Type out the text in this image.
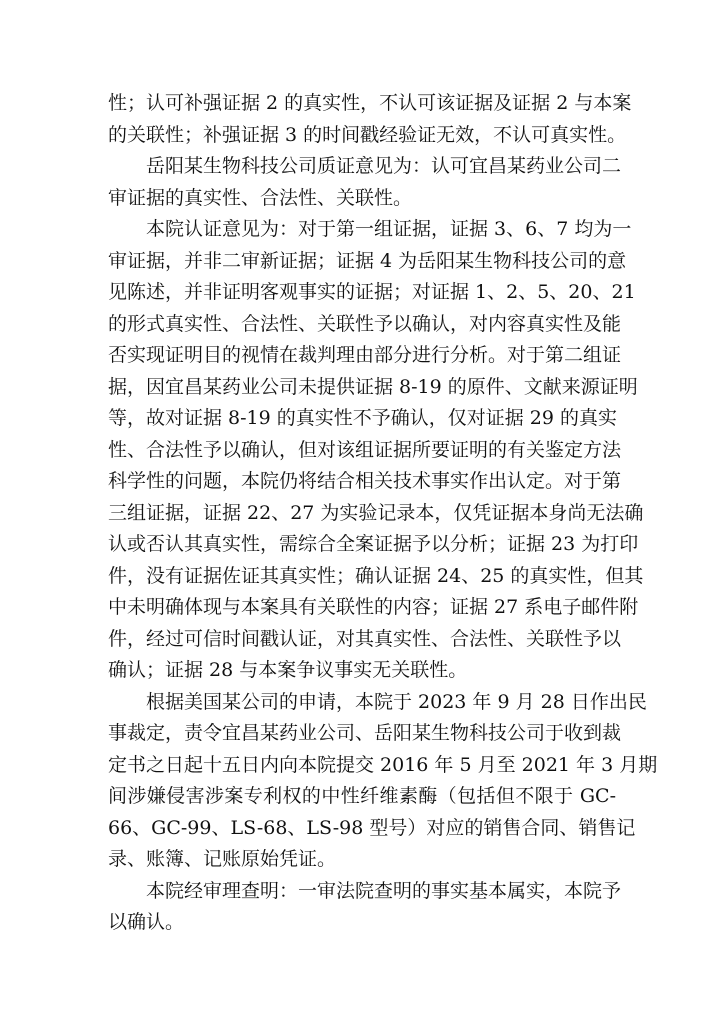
性；认可补强证据 2 的真实性，不认可该证据及证据 2 与本案
的关联性；补强证据 3 的时间戳经验证无效，不认可真实性。
岳阳某生物科技公司质证意见为：认可宜昌某药业公司二
审证据的真实性、合法性、关联性。
本院认证意见为：对于第一组证据，证据 3、6、7 均为一
审证据，并非二审新证据；证据 4 为岳阳某生物科技公司的意
见陈述，并非证明客观事实的证据；对证据 1、2、5、20、21
的形式真实性、合法性、关联性予以确认，对内容真实性及能
否实现证明目的视情在裁判理由部分进行分析。对于第二组证
据，因宜昌某药业公司未提供证据 8-19 的原件、文献来源证明
等，故对证据 8-19 的真实性不予确认，仅对证据 29 的真实
性、合法性予以确认，但对该组证据所要证明的有关鉴定方法
科学性的问题，本院仍将结合相关技术事实作出认定。对于第
三组证据，证据 22、27 为实验记录本，仅凭证据本身尚无法确
认或否认其真实性，需综合全案证据予以分析；证据 23 为打印
件，没有证据佐证其真实性；确认证据 24、25 的真实性，但其
中未明确体现与本案具有关联性的内容；证据 27 系电子邮件附
件，经过可信时间戳认证，对其真实性、合法性、关联性予以
确认；证据 28 与本案争议事实无关联性。
根据美国某公司的申请，本院于 2023 年 9 月 28 日作出民
事裁定，责令宜昌某药业公司、岳阳某生物科技公司于收到裁
定书之日起十五日内向本院提交 2016 年 5 月至 2021 年 3 月期
间涉嫌侵害涉案专利权的中性纤维素酶（包括但不限于 GC-
66、GC-99、LS-68、LS-98 型号）对应的销售合同、销售记
录、账簿、记账原始凭证。
本院经审理查明：一审法院查明的事实基本属实，本院予
以确认。
